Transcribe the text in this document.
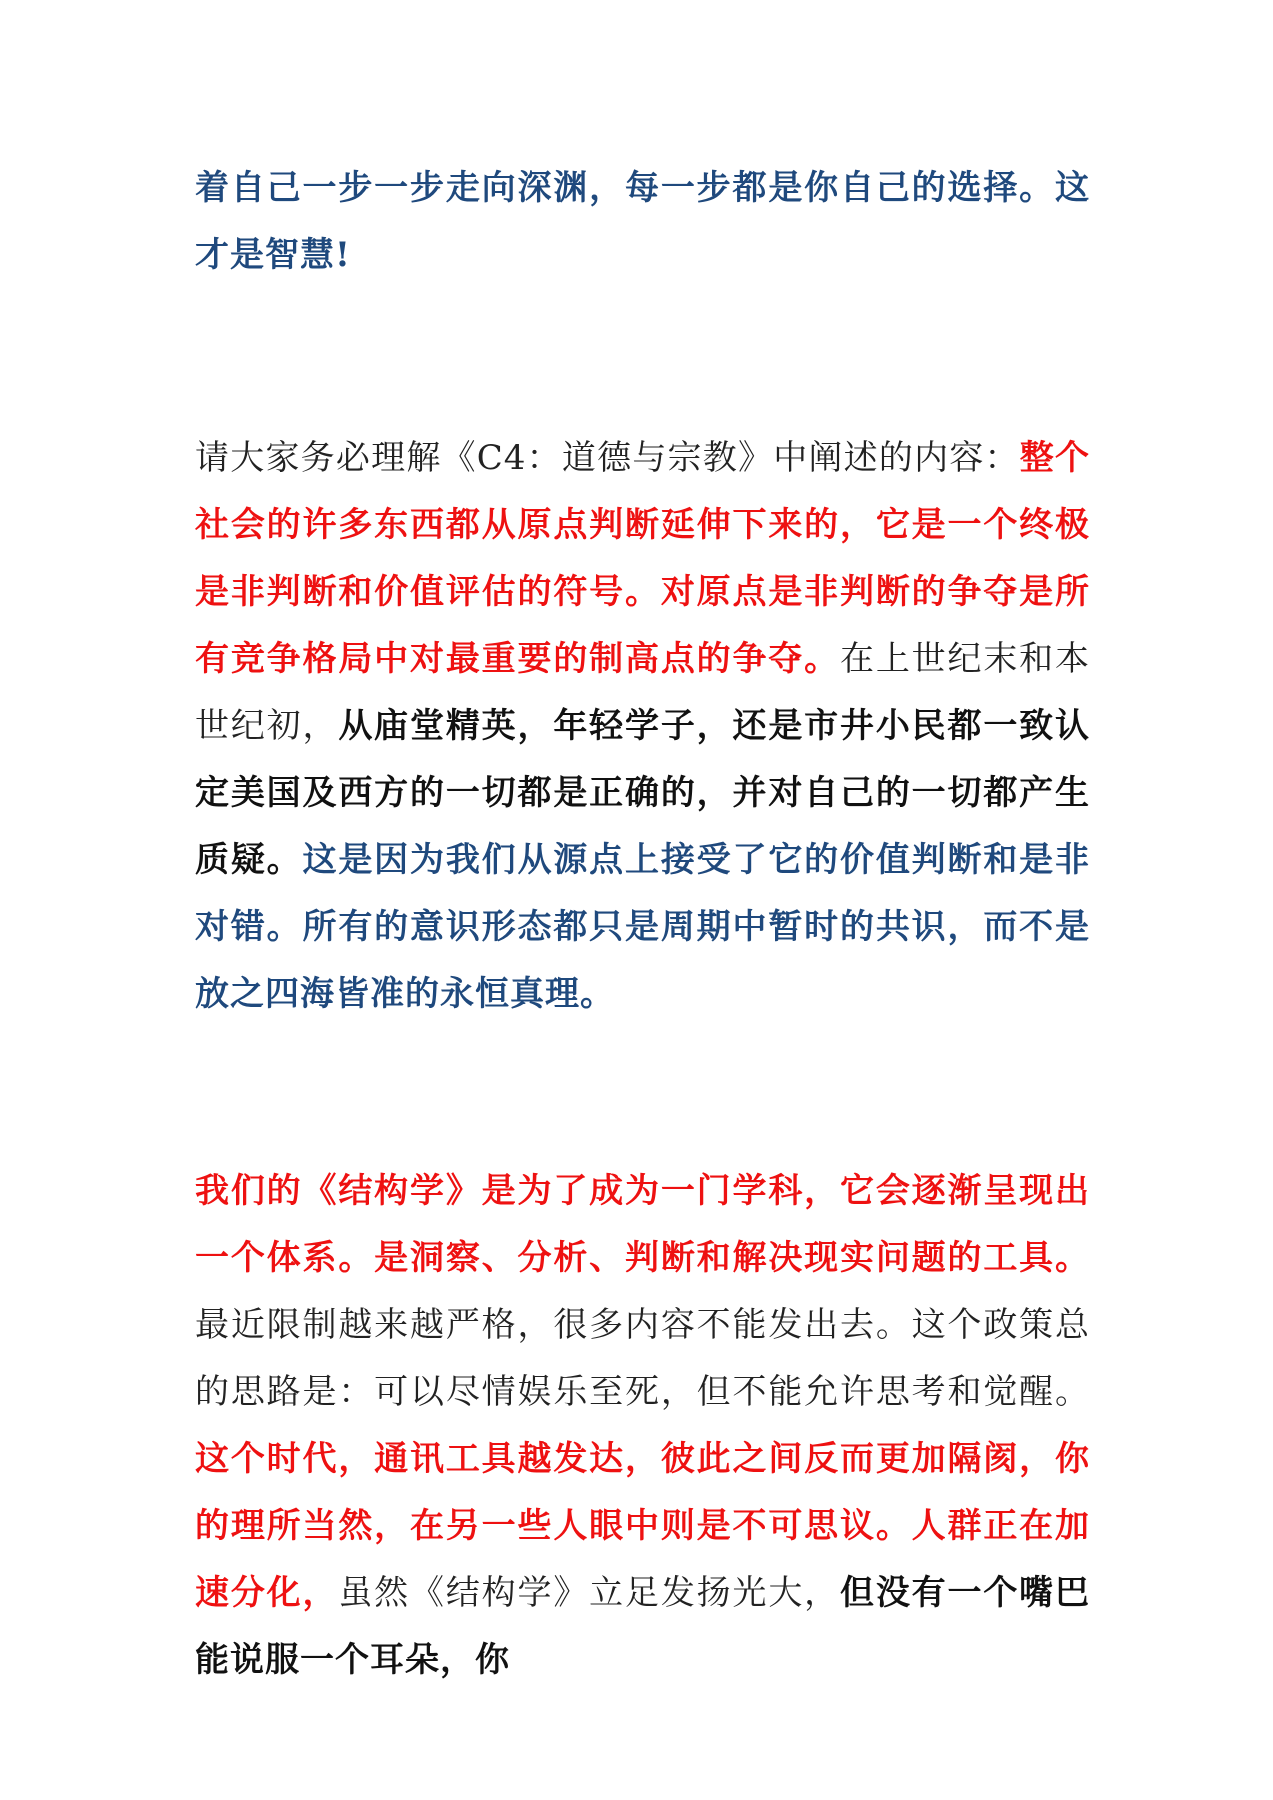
着自己一步一步走向深渊，每一步都是你自己的选择。这才是智慧!

请大家务必理解《C4：道德与宗教》中阐述的内容：整个社会的许多东西都从原点判断延伸下来的，它是一个终极是非判断和价值评估的符号。对原点是非判断的争夺是所有竞争格局中对最重要的制高点的争夺。在上世纪末和本世纪初，从庙堂精英，年轻学子，还是市井小民都一致认定美国及西方的一切都是正确的，并对自己的一切都产生质疑。这是因为我们从源点上接受了它的价值判断和是非对错。所有的意识形态都只是周期中暂时的共识，而不是放之四海皆准的永恒真理。

我们的《结构学》是为了成为一门学科，它会逐渐呈现出一个体系。是洞察、分析、判断和解决现实问题的工具。最近限制越来越严格，很多内容不能发出去。这个政策总的思路是：可以尽情娱乐至死，但不能允许思考和觉醒。这个时代，通讯工具越发达，彼此之间反而更加隔阂，你的理所当然，在另一些人眼中则是不可思议。人群正在加速分化，虽然《结构学》立足发扬光大，但没有一个嘴巴能说服一个耳朵，你
